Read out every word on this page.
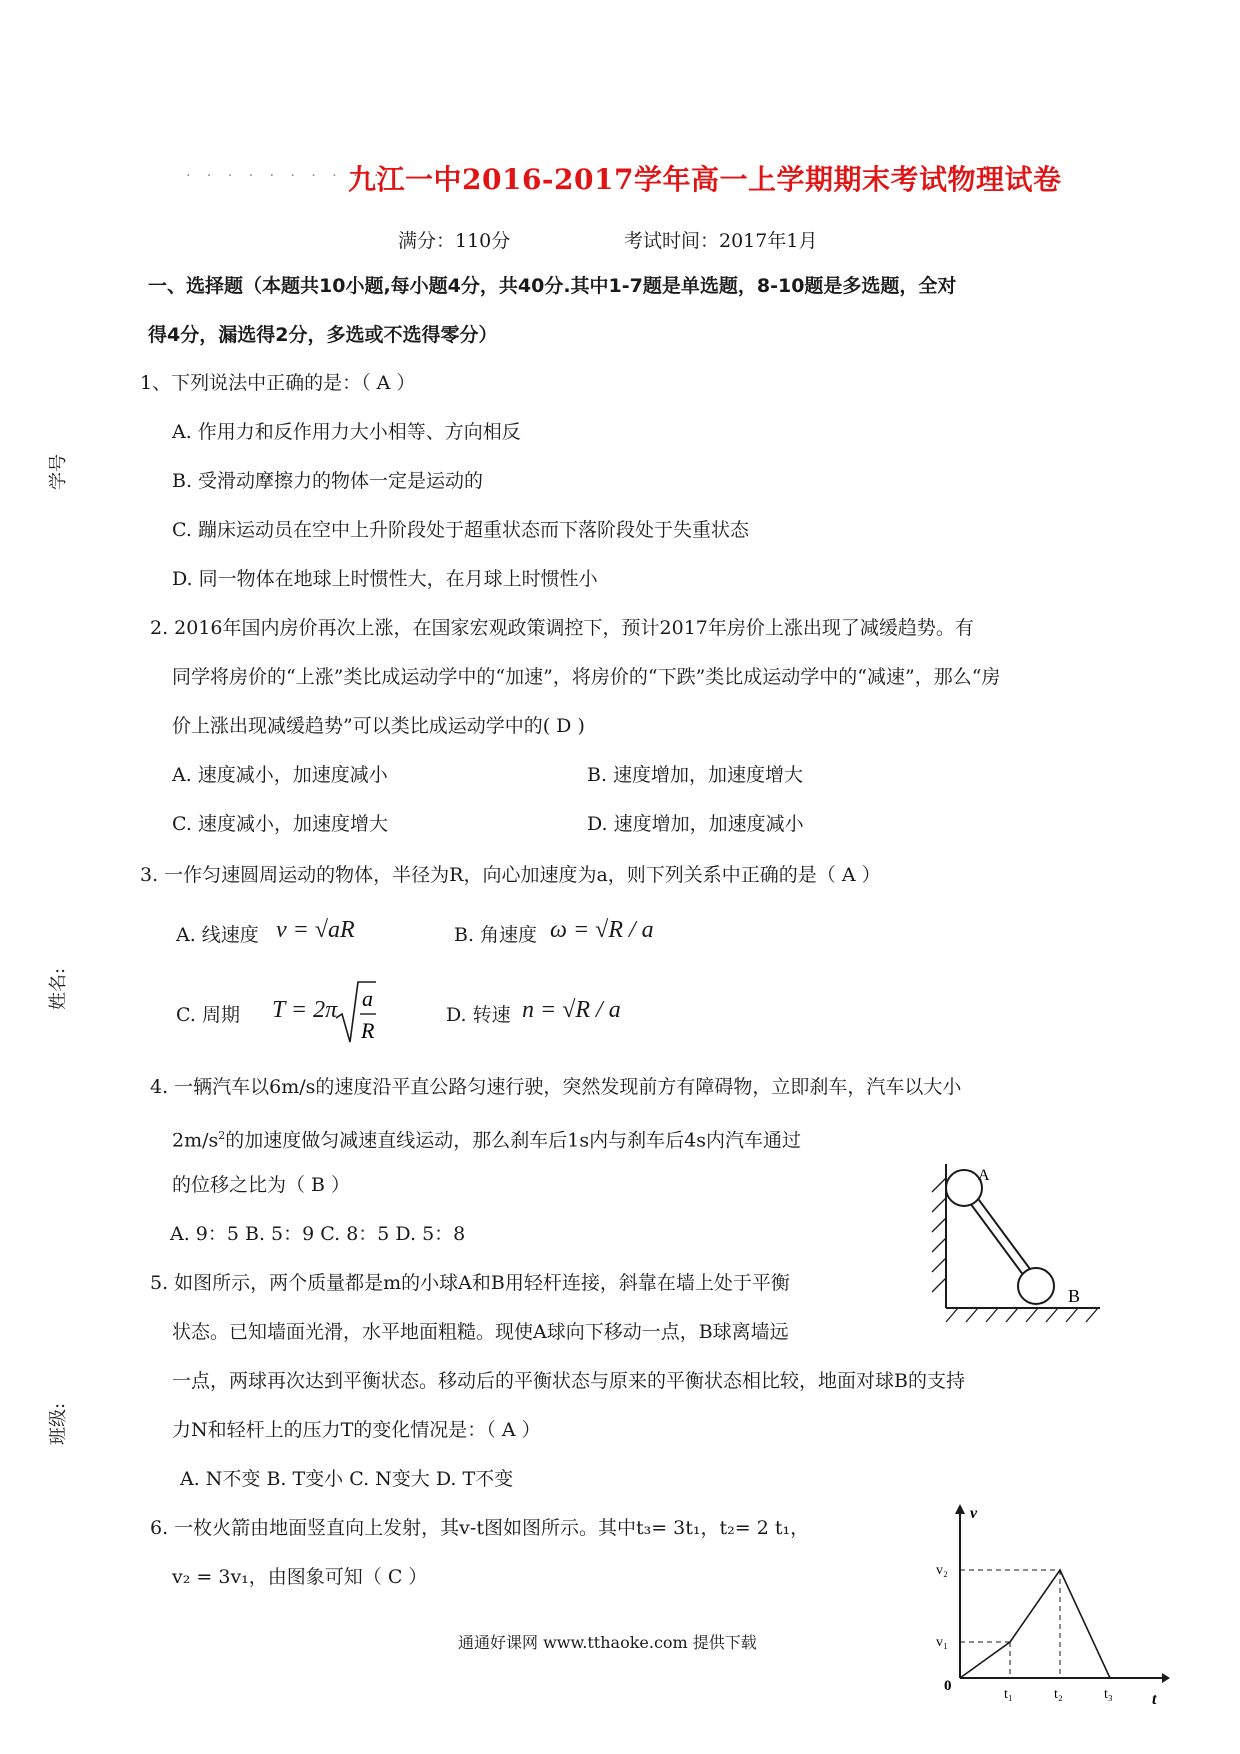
· · · · · · · · · ·
九江一中2016-2017学年高一上学期期末考试物理试卷
满分：110分	考试时间：2017年1月
学号
姓名:
班级:
一、选择题（本题共10小题,每小题4分，共40分.其中1-7题是单选题，8-10题是多选题，全对
得4分，漏选得2分，多选或不选得零分）
1、下列说法中正确的是：（ A ）
A. 作用力和反作用力大小相等、方向相反
B. 受滑动摩擦力的物体一定是运动的
C. 蹦床运动员在空中上升阶段处于超重状态而下落阶段处于失重状态
D. 同一物体在地球上时惯性大，在月球上时惯性小
2. 2016年国内房价再次上涨，在国家宏观政策调控下，预计2017年房价上涨出现了减缓趋势。有
同学将房价的“上涨”类比成运动学中的“加速”，将房价的“下跌”类比成运动学中的“减速”，那么“房
价上涨出现减缓趋势”可以类比成运动学中的( D )
A. 速度减小，加速度减小	B. 速度增加，加速度增大
C. 速度减小，加速度增大	D. 速度增加，加速度减小
3. 一作匀速圆周运动的物体，半径为R，向心加速度为a，则下列关系中正确的是（ A ）
A. 线速度 v = √aR	B. 角速度 ω = √R / a
C. 周期 T = 2π a
R
D. 转速 n = √R / a
4. 一辆汽车以6m/s的速度沿平直公路匀速行驶，突然发现前方有障碍物，立即刹车，汽车以大小
$2m/s^2$的加速度做匀减速直线运动，那么刹车后1s内与刹车后4s内汽车通过
的位移之比为（ B ）
A. 9：5 B. 5：9 C. 8：5 D. 5：8
5. 如图所示，两个质量都是m的小球A和B用轻杆连接，斜靠在墙上处于平衡
状态。已知墙面光滑，水平地面粗糙。现使A球向下移动一点，B球离墙远
一点，两球再次达到平衡状态。移动后的平衡状态与原来的平衡状态相比较，地面对球B的支持
力N和轻杆上的压力T的变化情况是：（ A ）
A. N不变 B. T变小 C. N变大 D. T不变
A
B
6. 一枚火箭由地面竖直向上发射，其v-t图如图所示。其中t₃= 3t₁，t₂= 2 t₁，
v₂ = 3v₁，由图象可知（ C ）
v
t
0
v₁
v₂
t₁	t₂	t₃
通通好课网 www.tthaoke.com 提供下载
